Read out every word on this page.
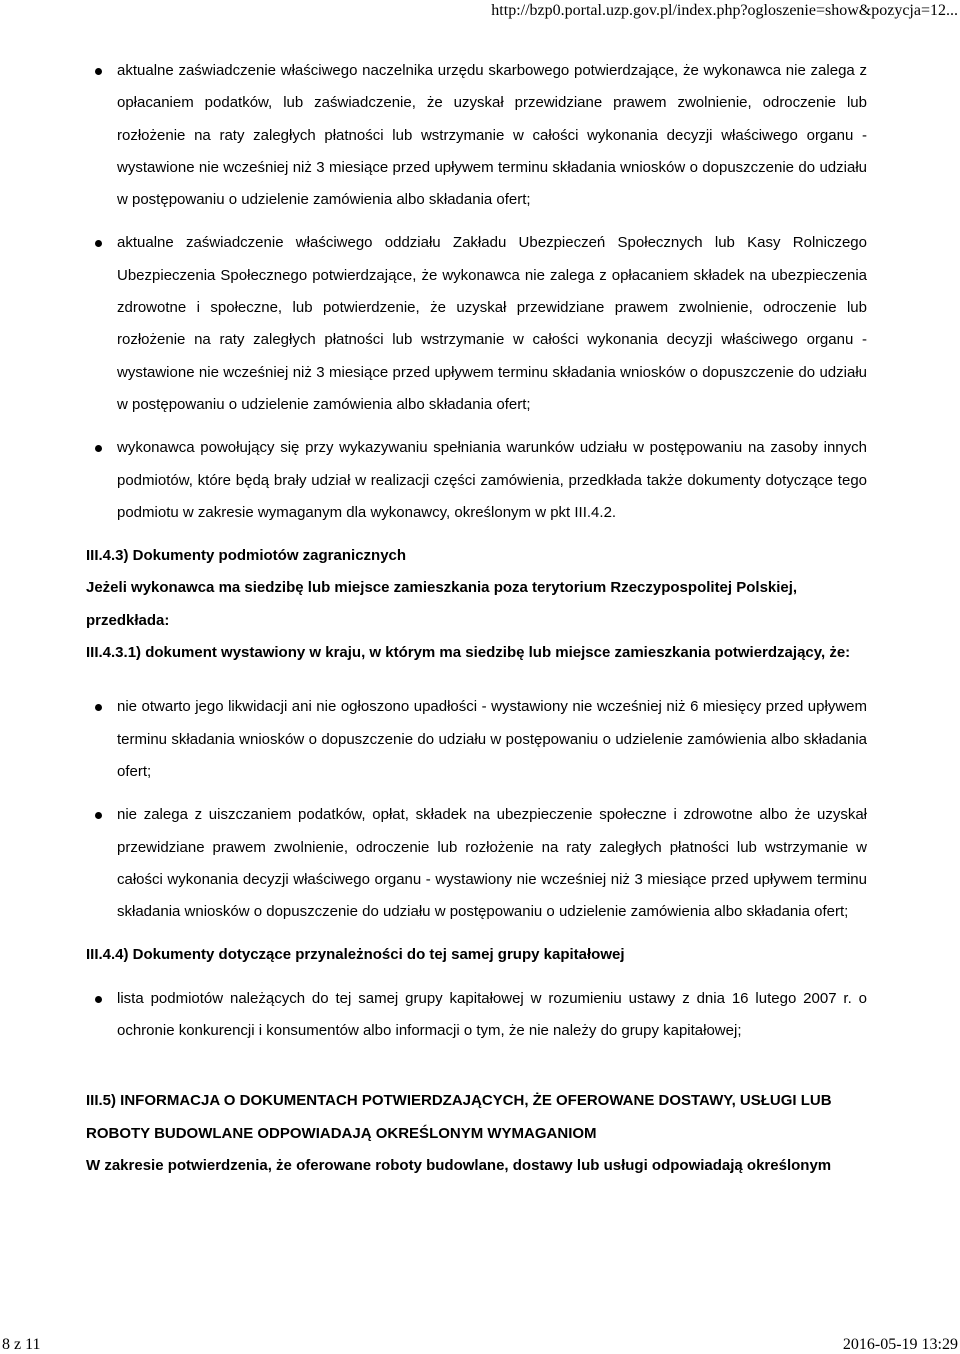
http://bzp0.portal.uzp.gov.pl/index.php?ogloszenie=show&pozycja=12...
aktualne zaświadczenie właściwego naczelnika urzędu skarbowego potwierdzające, że wykonawca nie zalega z opłacaniem podatków, lub zaświadczenie, że uzyskał przewidziane prawem zwolnienie, odroczenie lub rozłożenie na raty zaległych płatności lub wstrzymanie w całości wykonania decyzji właściwego organu - wystawione nie wcześniej niż 3 miesiące przed upływem terminu składania wniosków o dopuszczenie do udziału w postępowaniu o udzielenie zamówienia albo składania ofert;
aktualne zaświadczenie właściwego oddziału Zakładu Ubezpieczeń Społecznych lub Kasy Rolniczego Ubezpieczenia Społecznego potwierdzające, że wykonawca nie zalega z opłacaniem składek na ubezpieczenia zdrowotne i społeczne, lub potwierdzenie, że uzyskał przewidziane prawem zwolnienie, odroczenie lub rozłożenie na raty zaległych płatności lub wstrzymanie w całości wykonania decyzji właściwego organu - wystawione nie wcześniej niż 3 miesiące przed upływem terminu składania wniosków o dopuszczenie do udziału w postępowaniu o udzielenie zamówienia albo składania ofert;
wykonawca powołujący się przy wykazywaniu spełniania warunków udziału w postępowaniu na zasoby innych podmiotów, które będą brały udział w realizacji części zamówienia, przedkłada także dokumenty dotyczące tego podmiotu w zakresie wymaganym dla wykonawcy, określonym w pkt III.4.2.

III.4.3) Dokumenty podmiotów zagranicznych

Jeżeli wykonawca ma siedzibę lub miejsce zamieszkania poza terytorium Rzeczypospolitej Polskiej, przedkłada:

III.4.3.1) dokument wystawiony w kraju, w którym ma siedzibę lub miejsce zamieszkania potwierdzający, że:

nie otwarto jego likwidacji ani nie ogłoszono upadłości - wystawiony nie wcześniej niż 6 miesięcy przed upływem terminu składania wniosków o dopuszczenie do udziału w postępowaniu o udzielenie zamówienia albo składania ofert;
nie zalega z uiszczaniem podatków, opłat, składek na ubezpieczenie społeczne i zdrowotne albo że uzyskał przewidziane prawem zwolnienie, odroczenie lub rozłożenie na raty zaległych płatności lub wstrzymanie w całości wykonania decyzji właściwego organu - wystawiony nie wcześniej niż 3 miesiące przed upływem terminu składania wniosków o dopuszczenie do udziału w postępowaniu o udzielenie zamówienia albo składania ofert;

III.4.4) Dokumenty dotyczące przynależności do tej samej grupy kapitałowej

lista podmiotów należących do tej samej grupy kapitałowej w rozumieniu ustawy z dnia 16 lutego 2007 r. o ochronie konkurencji i konsumentów albo informacji o tym, że nie należy do grupy kapitałowej;

III.5) INFORMACJA O DOKUMENTACH POTWIERDZAJĄCYCH, ŻE OFEROWANE DOSTAWY, USŁUGI LUB ROBOTY BUDOWLANE ODPOWIADAJĄ OKREŚLONYM WYMAGANIOM

W zakresie potwierdzenia, że oferowane roboty budowlane, dostawy lub usługi odpowiadają określonym

8 z 11	2016-05-19 13:29
